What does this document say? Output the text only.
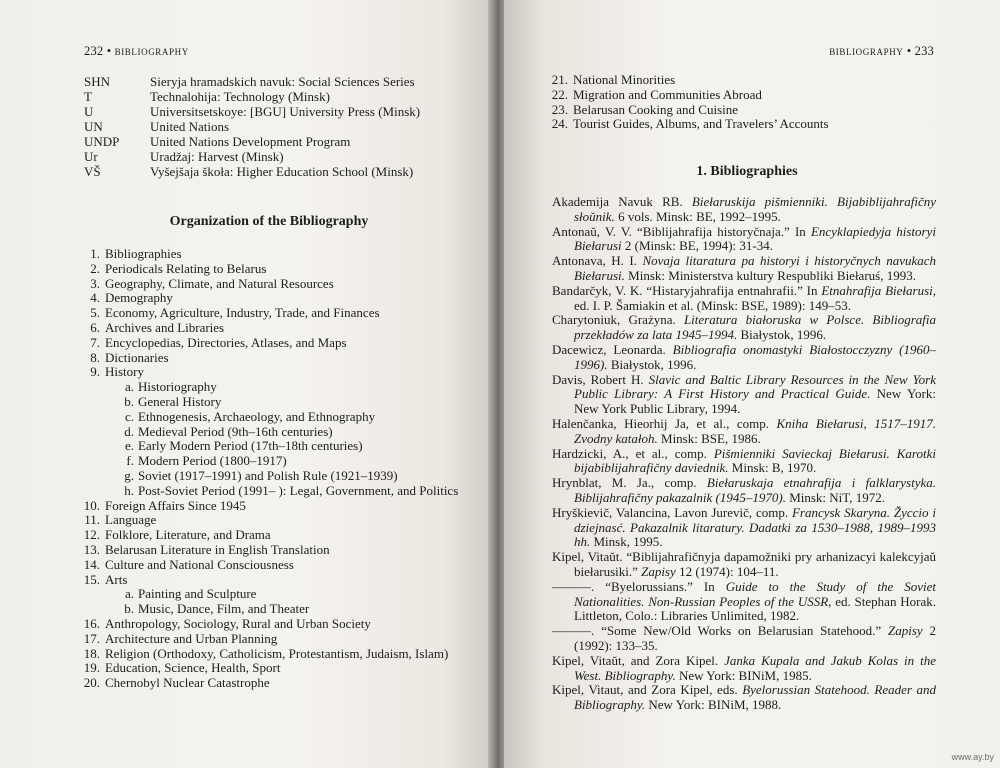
232 • BIBLIOGRAPHY
SHN	Sieryja hramadskich navuk: Social Sciences Series
T	Technalohija: Technology (Minsk)
U	Universitsetskoye: [BGU] University Press (Minsk)
UN	United Nations
UNDP	United Nations Development Program
Ur	Uradžaj: Harvest (Minsk)
VŠ	Vyšejšaja škoła: Higher Education School (Minsk)
Organization of the Bibliography
1. Bibliographies
2. Periodicals Relating to Belarus
3. Geography, Climate, and Natural Resources
4. Demography
5. Economy, Agriculture, Industry, Trade, and Finances
6. Archives and Libraries
7. Encyclopedias, Directories, Atlases, and Maps
8. Dictionaries
9. History
a. Historiography
b. General History
c. Ethnogenesis, Archaeology, and Ethnography
d. Medieval Period (9th–16th centuries)
e. Early Modern Period (17th–18th centuries)
f. Modern Period (1800–1917)
g. Soviet (1917–1991) and Polish Rule (1921–1939)
h. Post-Soviet Period (1991– ): Legal, Government, and Politics
10. Foreign Affairs Since 1945
11. Language
12. Folklore, Literature, and Drama
13. Belarusan Literature in English Translation
14. Culture and National Consciousness
15. Arts
a. Painting and Sculpture
b. Music, Dance, Film, and Theater
16. Anthropology, Sociology, Rural and Urban Society
17. Architecture and Urban Planning
18. Religion (Orthodoxy, Catholicism, Protestantism, Judaism, Islam)
19. Education, Science, Health, Sport
20. Chernobyl Nuclear Catastrophe
BIBLIOGRAPHY • 233
21. National Minorities
22. Migration and Communities Abroad
23. Belarusan Cooking and Cuisine
24. Tourist Guides, Albums, and Travelers’ Accounts
1. Bibliographies

Akademija Navuk RB. Biełaruskija pišmienniki. Bijabiblijahrafičny słoŭnik. 6 vols. Minsk: BE, 1992–1995.

Antonaŭ, V. V. “Biblijahrafija historyčnaja.” In Encyklapiedyja historyi Biełarusi 2 (Minsk: BE, 1994): 31-34.

Antonava, H. I. Novaja litaratura pa historyi i historyčnych navukach Biełarusi. Minsk: Ministerstva kultury Respubliki Biełaruś, 1993.

Bandarčyk, V. K. “Histaryjahrafija entnahrafii.” In Etnahrafija Biełarusi, ed. I. P. Šamiakin et al. (Minsk: BSE, 1989): 149–53.

Charytoniuk, Grażyna. Literatura białoruska w Polsce. Bibliografia przekładów za lata 1945–1994. Białystok, 1996.

Dacewicz, Leonarda. Bibliografia onomastyki Białostocczyzny (1960–1996). Białystok, 1996.

Davis, Robert H. Slavic and Baltic Library Resources in the New York Public Library: A First History and Practical Guide. New York: New York Public Library, 1994.

Halenčanka, Hieorhij Ja, et al., comp. Kniha Biełarusi, 1517–1917. Zvodny katałoh. Minsk: BSE, 1986.

Hardzicki, A., et al., comp. Pišmienniki Savieckaj Biełarusi. Karotki bijabiblijahrafičny daviednik. Minsk: B, 1970.

Hrynblat, M. Ja., comp. Biełaruskaja etnahrafija i falklarystyka. Biblijahrafičny pakazalnik (1945–1970). Minsk: NiT, 1972.

Hryškievič, Valancina, Lavon Jurevič, comp. Francysk Skaryna. Žyccio i dziejnasć. Pakazalnik litaratury. Dadatki za 1530–1988, 1989–1993 hh. Minsk, 1995.

Kipel, Vitaŭt. “Biblijahrafičnyja dapamožniki pry arhanizacyi kalekcyjaŭ biełarusiki.” Zapisy 12 (1974): 104–11.

———. “Byelorussians.” In Guide to the Study of the Soviet Nationalities. Non-Russian Peoples of the USSR, ed. Stephan Horak. Littleton, Colo.: Libraries Unlimited, 1982.

———. “Some New/Old Works on Belarusian Statehood.” Zapisy 2 (1992): 133–35.

Kipel, Vitaŭt, and Zora Kipel. Janka Kupala and Jakub Kolas in the West. Bibliography. New York: BINiM, 1985.

Kipel, Vitaut, and Zora Kipel, eds. Byelorussian Statehood. Reader and Bibliography. New York: BINiM, 1988.

www.ay.by
